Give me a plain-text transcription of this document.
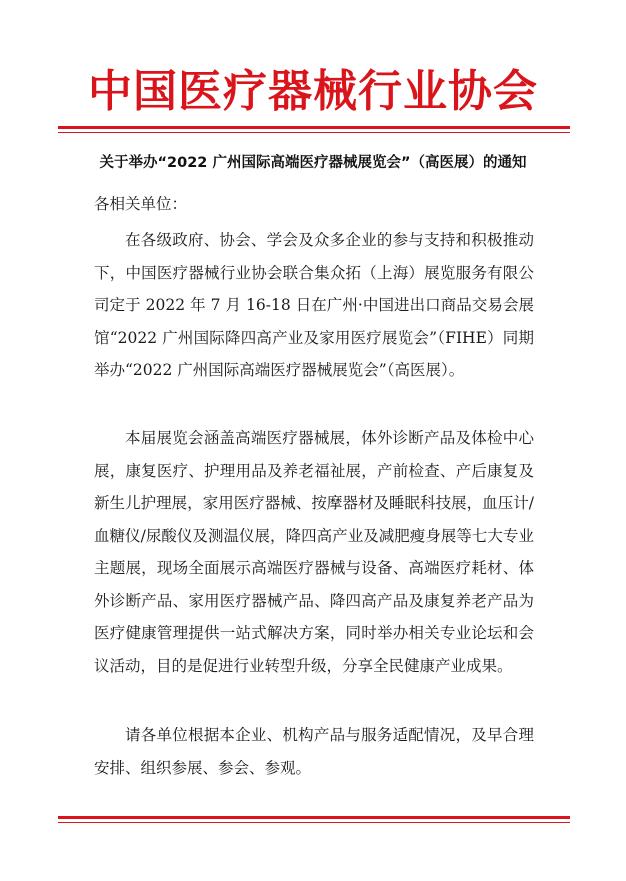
中国医疗器械行业协会
关于举办“2022 广州国际高端医疗器械展览会”（高医展）的通知
各相关单位：

在各级政府、协会、学会及众多企业的参与支持和积极推动下，中国医疗器械行业协会联合集众拓（上海）展览服务有限公司定于 2022 年 7 月 16-18 日在广州·中国进出口商品交易会展馆“2022 广州国际降四高产业及家用医疗展览会”（FIHE）同期举办“2022 广州国际高端医疗器械展览会”（高医展）。

本届展览会涵盖高端医疗器械展，体外诊断产品及体检中心展，康复医疗、护理用品及养老福祉展，产前检查、产后康复及新生儿护理展，家用医疗器械、按摩器材及睡眠科技展，血压计/血糖仪/尿酸仪及测温仪展，降四高产业及减肥瘦身展等七大专业主题展，现场全面展示高端医疗器械与设备、高端医疗耗材、体外诊断产品、家用医疗器械产品、降四高产品及康复养老产品为医疗健康管理提供一站式解决方案，同时举办相关专业论坛和会议活动，目的是促进行业转型升级，分享全民健康产业成果。

请各单位根据本企业、机构产品与服务适配情况，及早合理安排、组织参展、参会、参观。
